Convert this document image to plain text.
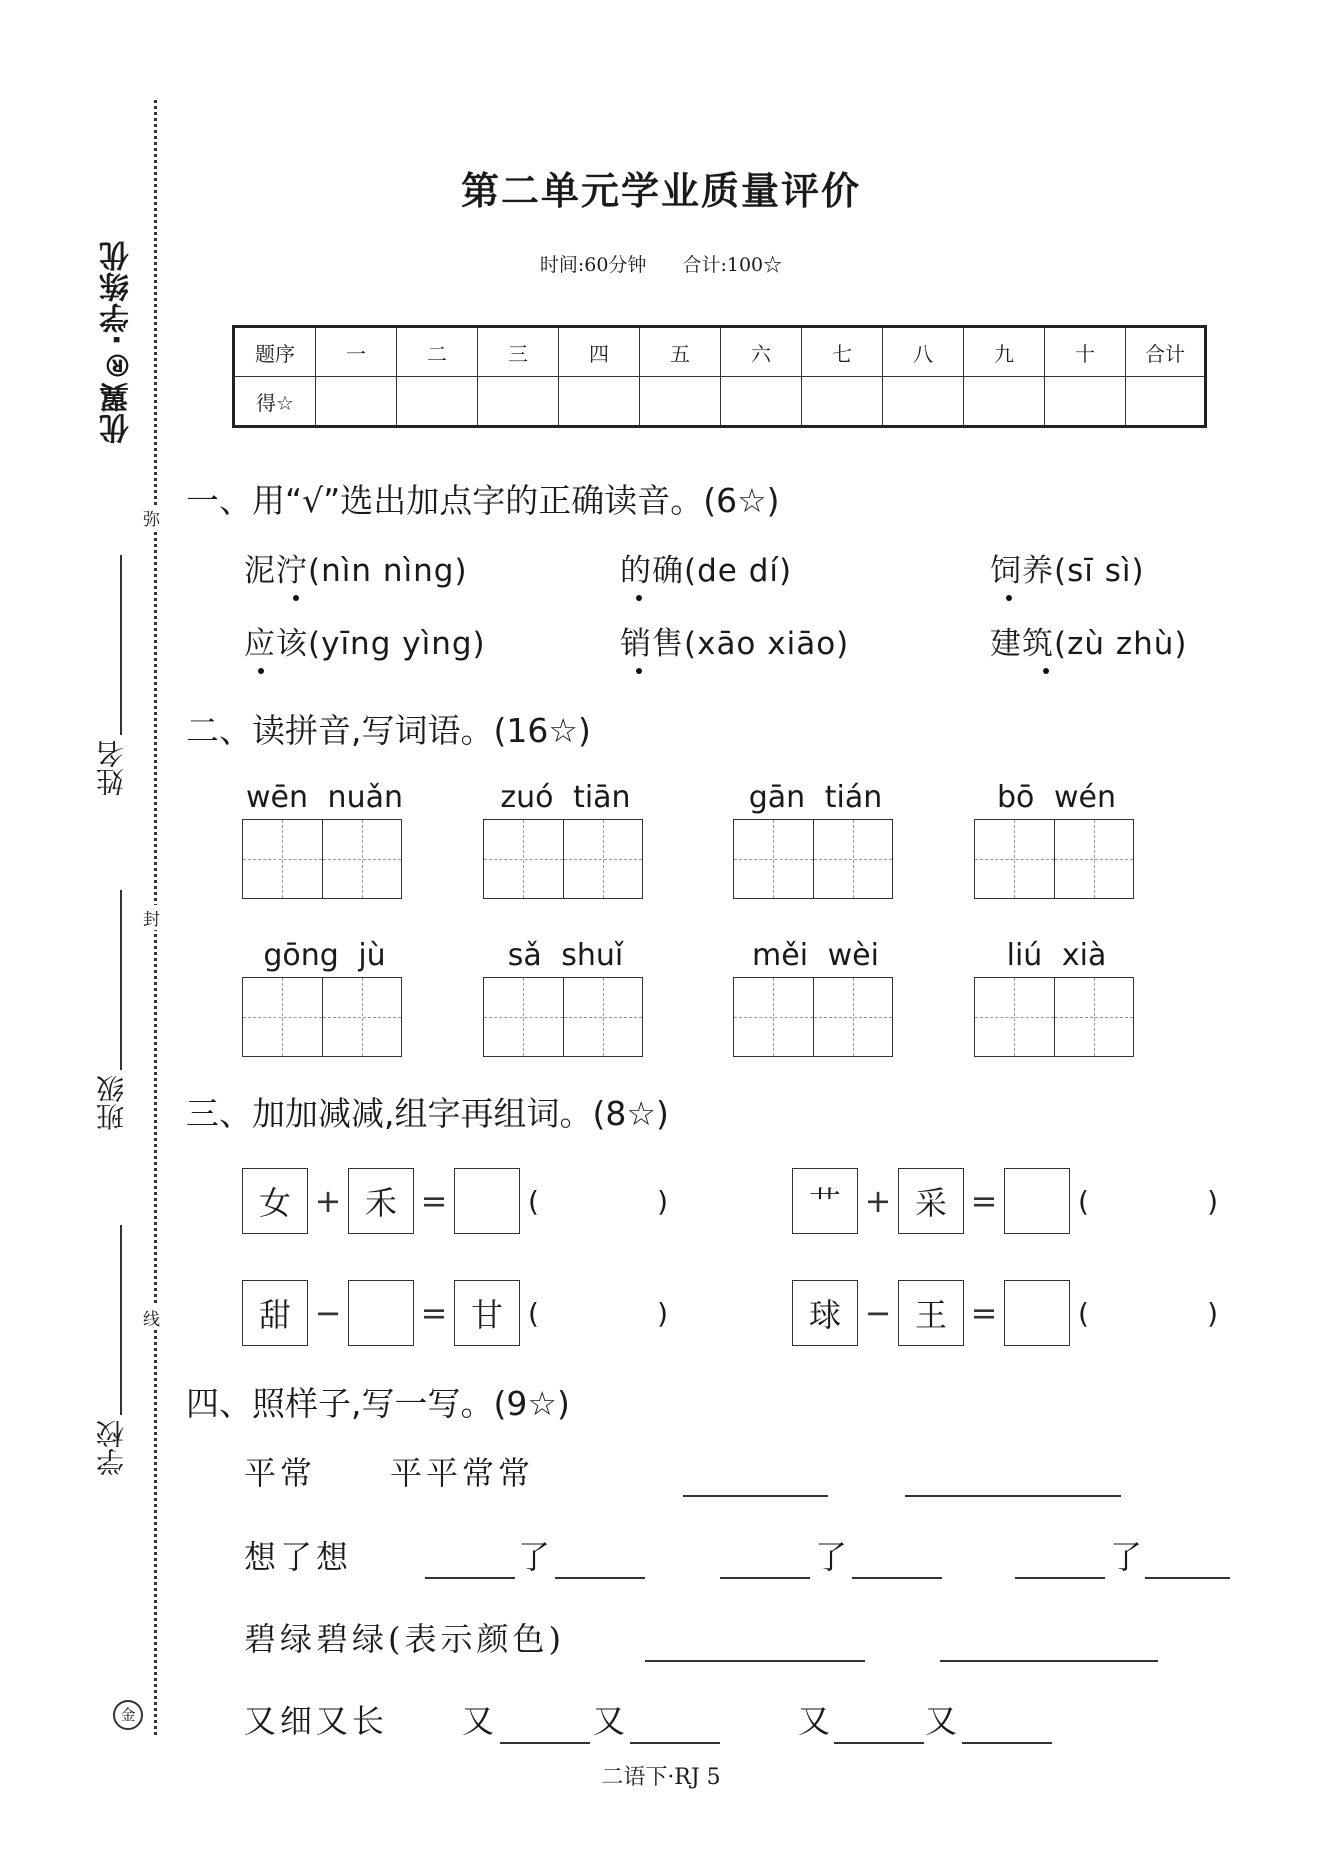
优翼®·学练优
学校
班级
姓名
弥
封
线
金
第二单元学业质量评价
时间:60分钟 合计:100☆
题序	一	二	三	四	五	六	七	八	九	十	合计
得☆											
一、用“√”选出加点字的正确读音。(6☆)
泥泞(nìn nìng)	的确(de dí)	饲养(sī sì)
应该(yīng yìng)	销售(xāo xiāo)	建筑(zù zhù)
二、读拼音,写词语。(16☆)
wēn nuǎn	zuó tiān	gān tián	bō wén
gōng jù	sǎ shuǐ	měi wèi	liú xià
三、加加减减,组字再组词。(8☆)
女 + 禾 =	(	)	艹 + 采 =	(	)
甜 − = 甘 (	)	球 − 王 =	(	)
四、照样子,写一写。(9☆)
平常 平平常常
想了想	了	了	了
碧绿碧绿(表示颜色)
又细又长 又	又	又	又
二语下·RJ 5
